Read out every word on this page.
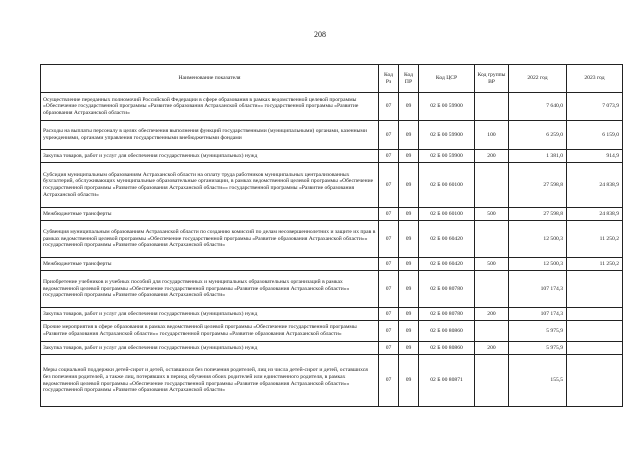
208
Наименование показателя	Код Рз	Код ПР	Код ЦСР	Код группы ВР	2022 год	2023 год
Осуществление переданных полномочий Российской Федерации в сфере образования в рамках ведомственной целевой программы «Обеспечение государственной программы «Развитие образования Астраханской области»» государственной программы «Развитие образования Астраханской области»	07	09	02 Б 00 59900		7 640,0	7 073,9
Расходы на выплаты персоналу в целях обеспечения выполнения функций государственными (муниципальными) органами, казенными учреждениями, органами управления государственными внебюджетными фондами	07	09	02 Б 00 59900	100	6 259,0	6 159,0
Закупка товаров, работ и услуг для обеспечения государственных (муниципальных) нужд	07	09	02 Б 00 59900	200	1 381,0	914,9
Субсидия муниципальным образованиям Астраханской области на оплату труда работников муниципальных централизованных бухгалтерий, обслуживающих муниципальные образовательные организации, в рамках ведомственной целевой программы «Обеспечение государственной программы «Развитие образования Астраханской области»» государственной программы «Развитие образования Астраханской области»	07	09	02 Б 00 60100		27 598,8	24 838,9
Межбюджетные трансферты	07	09	02 Б 00 60100	500	27 598,8	24 838,9
Субвенция муниципальным образованиям Астраханской области по созданию комиссий по делам несовершеннолетних и защите их прав в рамках ведомственной целевой программы «Обеспечение государственной программы «Развитие образования Астраханской области»» государственной программы «Развитие образования Астраханской области»	07	09	02 Б 00 60420		12 500,3	11 250,2
Межбюджетные трансферты	07	09	02 Б 00 60420	500	12 500,3	11 250,2
Приобретение учебников и учебных пособий для государственных и муниципальных образовательных организаций в рамках ведомственной целевой программы «Обеспечение государственной программы «Развитие образования Астраханской области»» государственной программы «Развитие образования Астраханской области»	07	09	02 Б 00 80780		107 174,3	
Закупка товаров, работ и услуг для обеспечения государственных (муниципальных) нужд	07	09	02 Б 00 80780	200	107 174,3	
Прочие мероприятия в сфере образования в рамках ведомственной целевой программы «Обеспечение государственной программы «Развитие образования Астраханской области»» государственной программы «Развитие образования Астраханской области»	07	09	02 Б 00 80860		5 975,9	
Закупка товаров, работ и услуг для обеспечения государственных (муниципальных) нужд	07	09	02 Б 00 80860	200	5 975,9	
Меры социальной поддержки детей-сирот и детей, оставшихся без попечения родителей, лиц из числа детей-сирот и детей, оставшихся без попечения родителей, а также лиц, потерявших в период обучения обоих родителей или единственного родителя, в рамках ведомственной целевой программы «Обеспечение государственной программы «Развитие образования Астраханской области»» государственной программы «Развитие образования Астраханской области»	07	09	02 Б 00 80871		155,5	
